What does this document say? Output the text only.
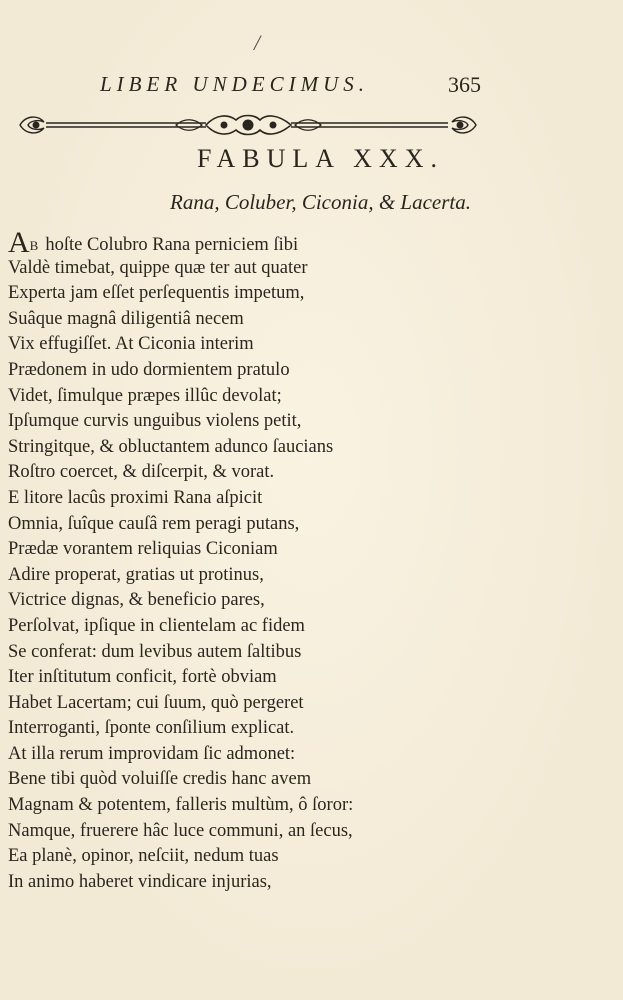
/
LIBER UNDECIMUS.	365
FABULA XXX.
Rana, Coluber, Ciconia, & Lacerta.
AB hoſte Colubro Rana perniciem ſibi
Valdè timebat, quippe quæ ter aut quater
Experta jam eſſet perſequentis impetum,
Suâque magnâ diligentiâ necem
Vix effugiſſet. At Ciconia interim
Prædonem in udo dormientem pratulo
Videt, ſimulque præpes illûc devolat;
Ipſumque curvis unguibus violens petit,
Stringitque, & obluctantem adunco ſaucians
Roſtro coercet, & diſcerpit, & vorat.
E litore lacûs proximi Rana aſpicit
Omnia, ſuîque cauſâ rem peragi putans,
Prædæ vorantem reliquias Ciconiam
Adire properat, gratias ut protinus,
Victrice dignas, & beneficio pares,
Perſolvat, ipſique in clientelam ac fidem
Se conferat: dum levibus autem ſaltibus
Iter inſtitutum conficit, fortè obviam
Habet Lacertam; cui ſuum, quò pergeret
Interroganti, ſponte conſilium explicat.
At illa rerum improvidam ſic admonet:
Bene tibi quòd voluiſſe credis hanc avem
Magnam & potentem, falleris multùm, ô ſoror:
Namque, fruerere hâc luce communi, an ſecus,
Ea planè, opinor, neſciit, nedum tuas
In animo haberet vindicare injurias,
